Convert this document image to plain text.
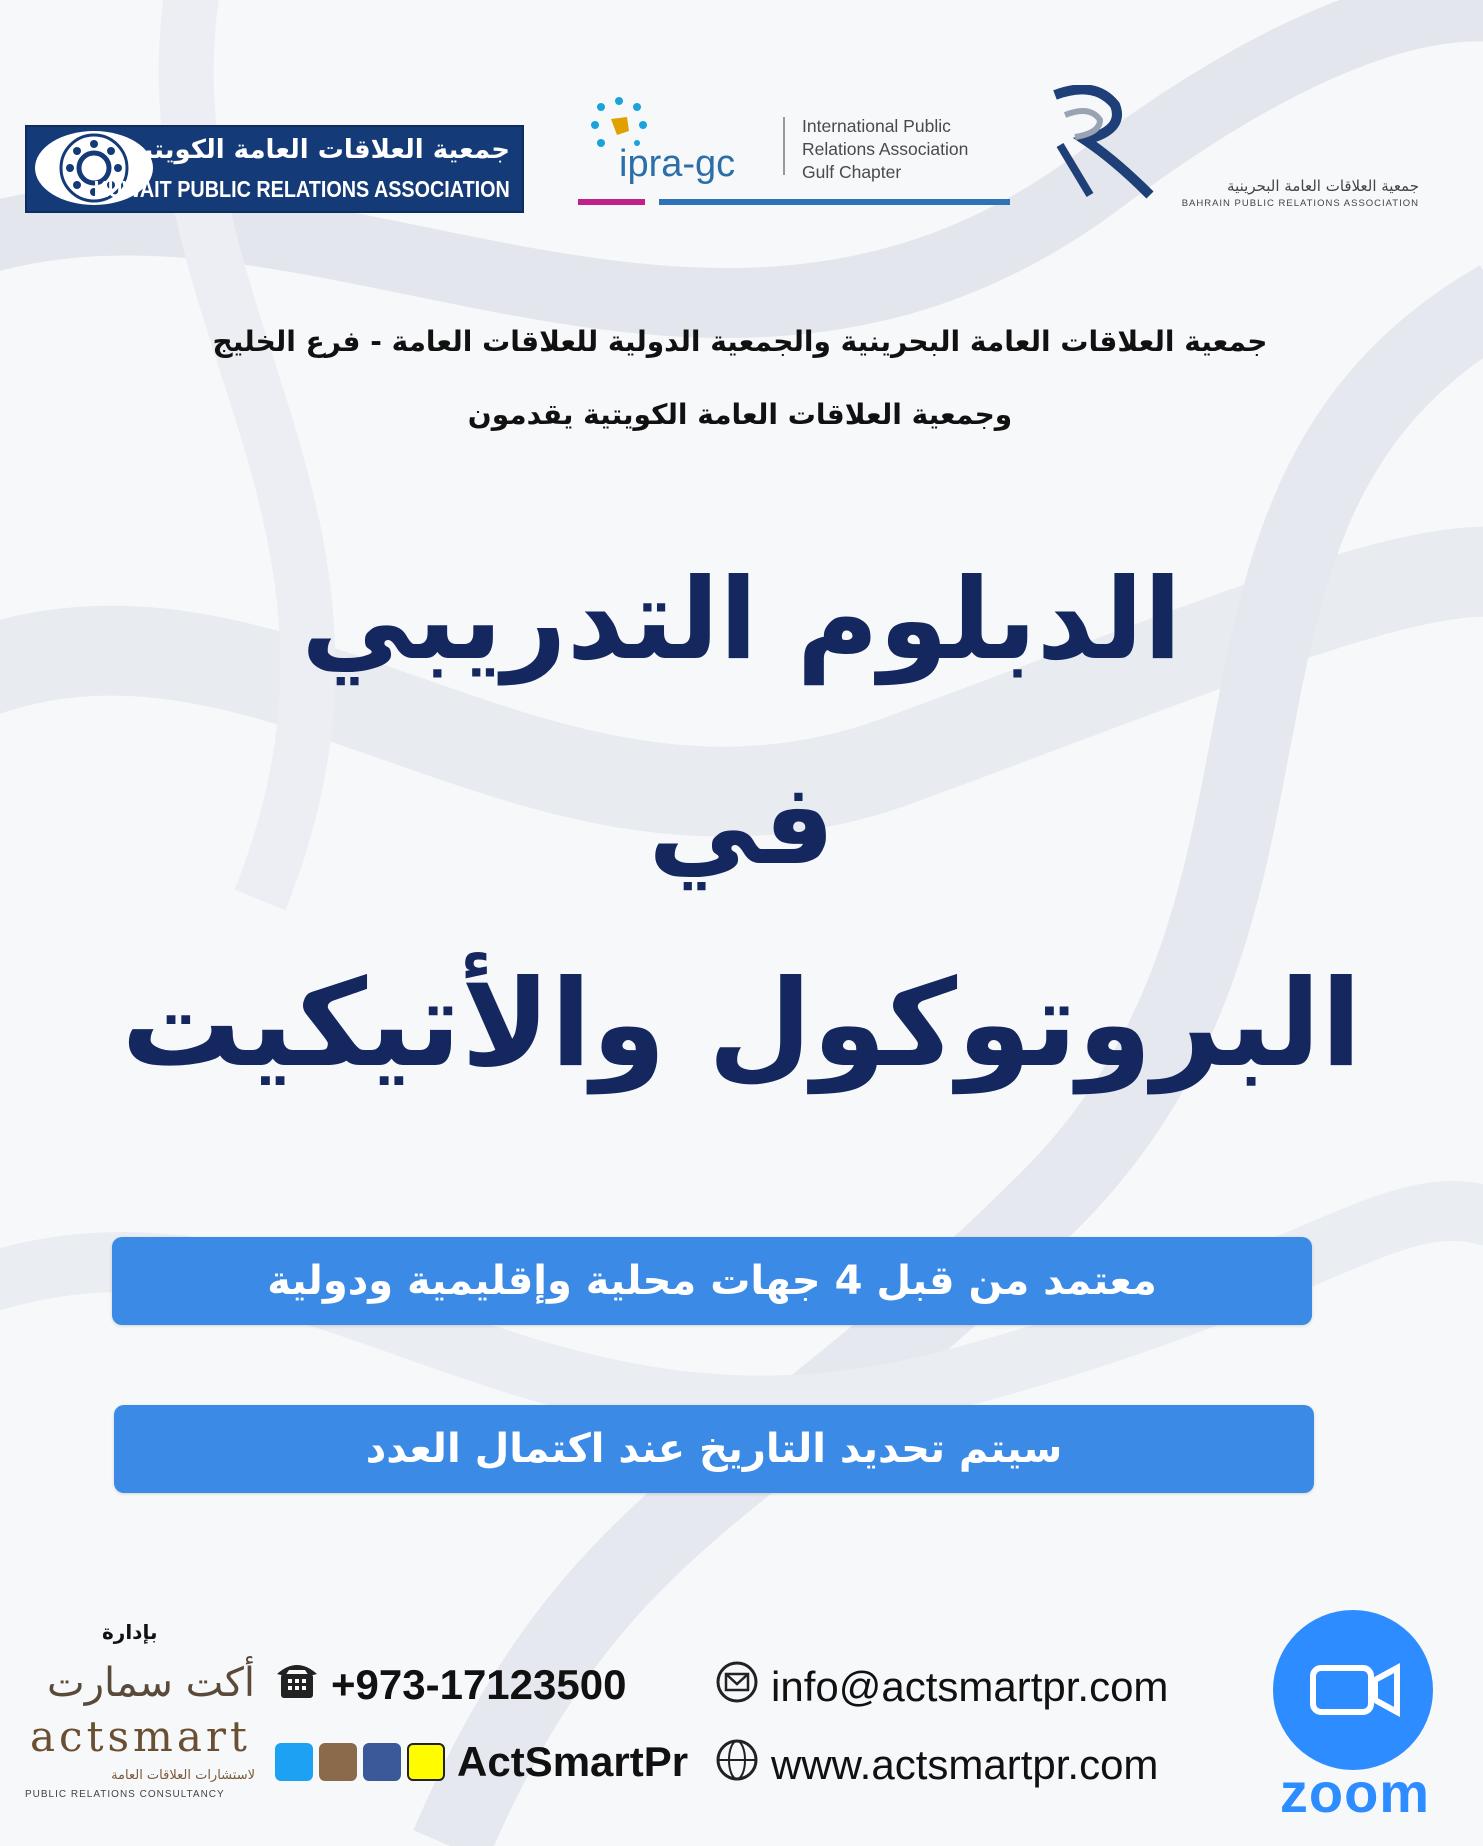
جمعية العلاقات العامة الكويتية
KUWAIT PUBLIC RELATIONS ASSOCIATION
ipra-gc
International Public
Relations Association
Gulf Chapter
جمعية العلاقات العامة البحرينية
BAHRAIN PUBLIC RELATIONS ASSOCIATION
جمعية العلاقات العامة البحرينية والجمعية الدولية للعلاقات العامة - فرع الخليج
وجمعية العلاقات العامة الكويتية يقدمون
الدبلوم التدريبي
في
البروتوكول والأتيكيت
معتمد من قبل 4 جهات محلية وإقليمية ودولية
سيتم تحديد التاريخ عند اكتمال العدد
بإدارة
أكت سمارت
actsmart
لاستشارات العلاقات العامة
PUBLIC RELATIONS CONSULTANCY
+973-17123500	info@actsmartpr.com
ActSmartPr www.actsmartpr.com zoom
